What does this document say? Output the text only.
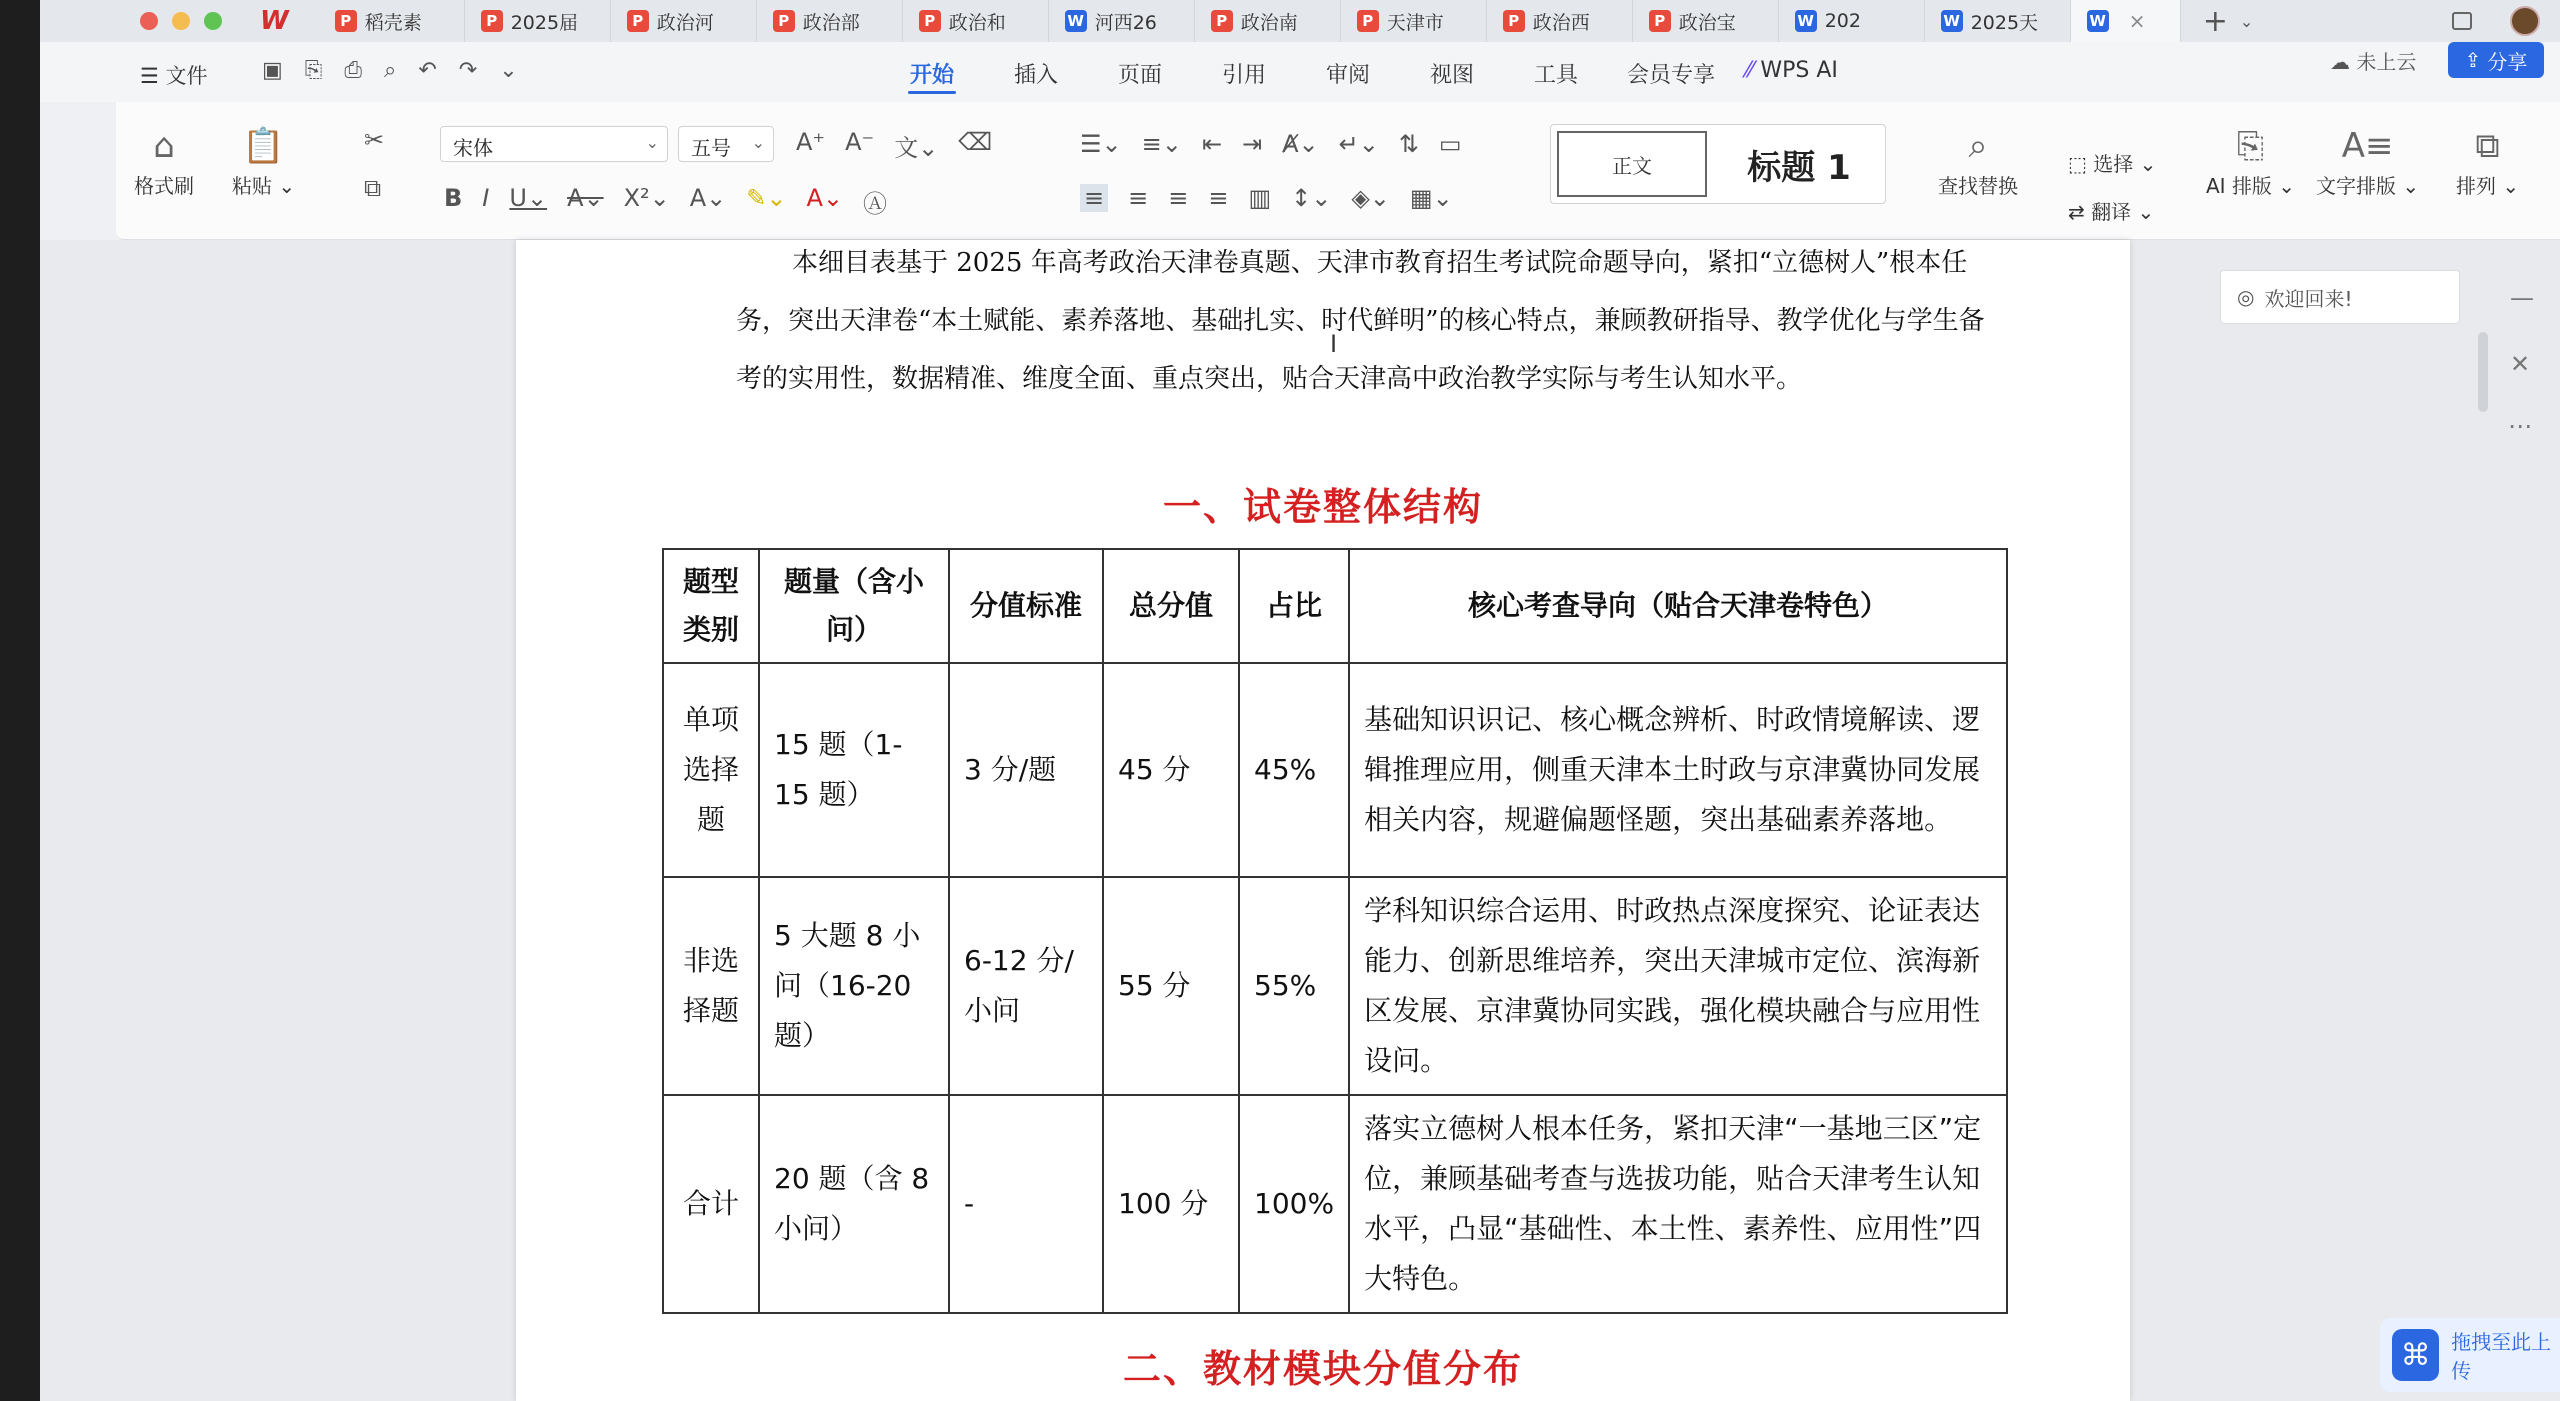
W	P 稻壳素	P 2025届	P 政治河	P 政治部	P 政治和	W 河西26	P 政治南	P 天津市	P 政治西	P 政治宝	W 202	W 2025天	W × + ⌄
☰ 文件 ▣ ⎘ ⎙ ⌕ ↶ ↷ ⌄	开始	插入	页面	引用	审阅	视图	工具	会员专享	⁄⁄ WPS AI	☁ 未上云 ⇪ 分享
⌂
格式刷
📋
粘贴 ⌄
✂
⧉
宋体	⌄	五号 ⌄ A⁺ A⁻ 文⌄ ⌫
B I U⌄ A⌄ X²⌄ A⌄ ✎⌄ A⌄ Ⓐ
☰⌄ ≡⌄ ⇤ ⇥ Ⱥ⌄ ↵⌄ ⇅ ▭
≡ ≡ ≡ ≡ ▥ ↕⌄ ◈⌄ ▦⌄
正文	标题 1
⌕
查找替换
⬚ 选择 ⌄
⇄ 翻译 ⌄
⎘
AI 排版 ⌄
A≡
文字排版 ⌄
⧉
排列 ⌄

本细目表基于 2025 年高考政治天津卷真题、天津市教育招生考试院命题导向，紧扣“立德树人”根本任务，突出天津卷“本土赋能、素养落地、基础扎实、时代鲜明”的核心特点，兼顾教研指导、教学优化与学生备考的实用性，数据精准、维度全面、重点突出，贴合天津高中政治教学实际与考生认知水平。

I
一、试卷整体结构
题型类别	题量（含小问）	分值标准	总分值	占比	核心考查导向（贴合天津卷特色）
单项选择题	15 题（1-15 题）	3 分/题	45 分	45%	基础知识识记、核心概念辨析、时政情境解读、逻辑推理应用，侧重天津本土时政与京津冀协同发展相关内容，规避偏题怪题，突出基础素养落地。
非选择题	5 大题 8 小问（16-20 题）	6-12 分/小问	55 分	55%	学科知识综合运用、时政热点深度探究、论证表达能力、创新思维培养，突出天津城市定位、滨海新区发展、京津冀协同实践，强化模块融合与应用性设问。
合计	20 题（含 8 小问）	-	100 分	100%	落实立德树人根本任务，紧扣天津“一基地三区”定位，兼顾基础考查与选拔功能，贴合天津考生认知水平，凸显“基础性、本土性、素养性、应用性”四大特色。
二、教材模块分值分布
◎ 欢迎回来!	—
✕
⋯
⌘	拖拽至此上传
